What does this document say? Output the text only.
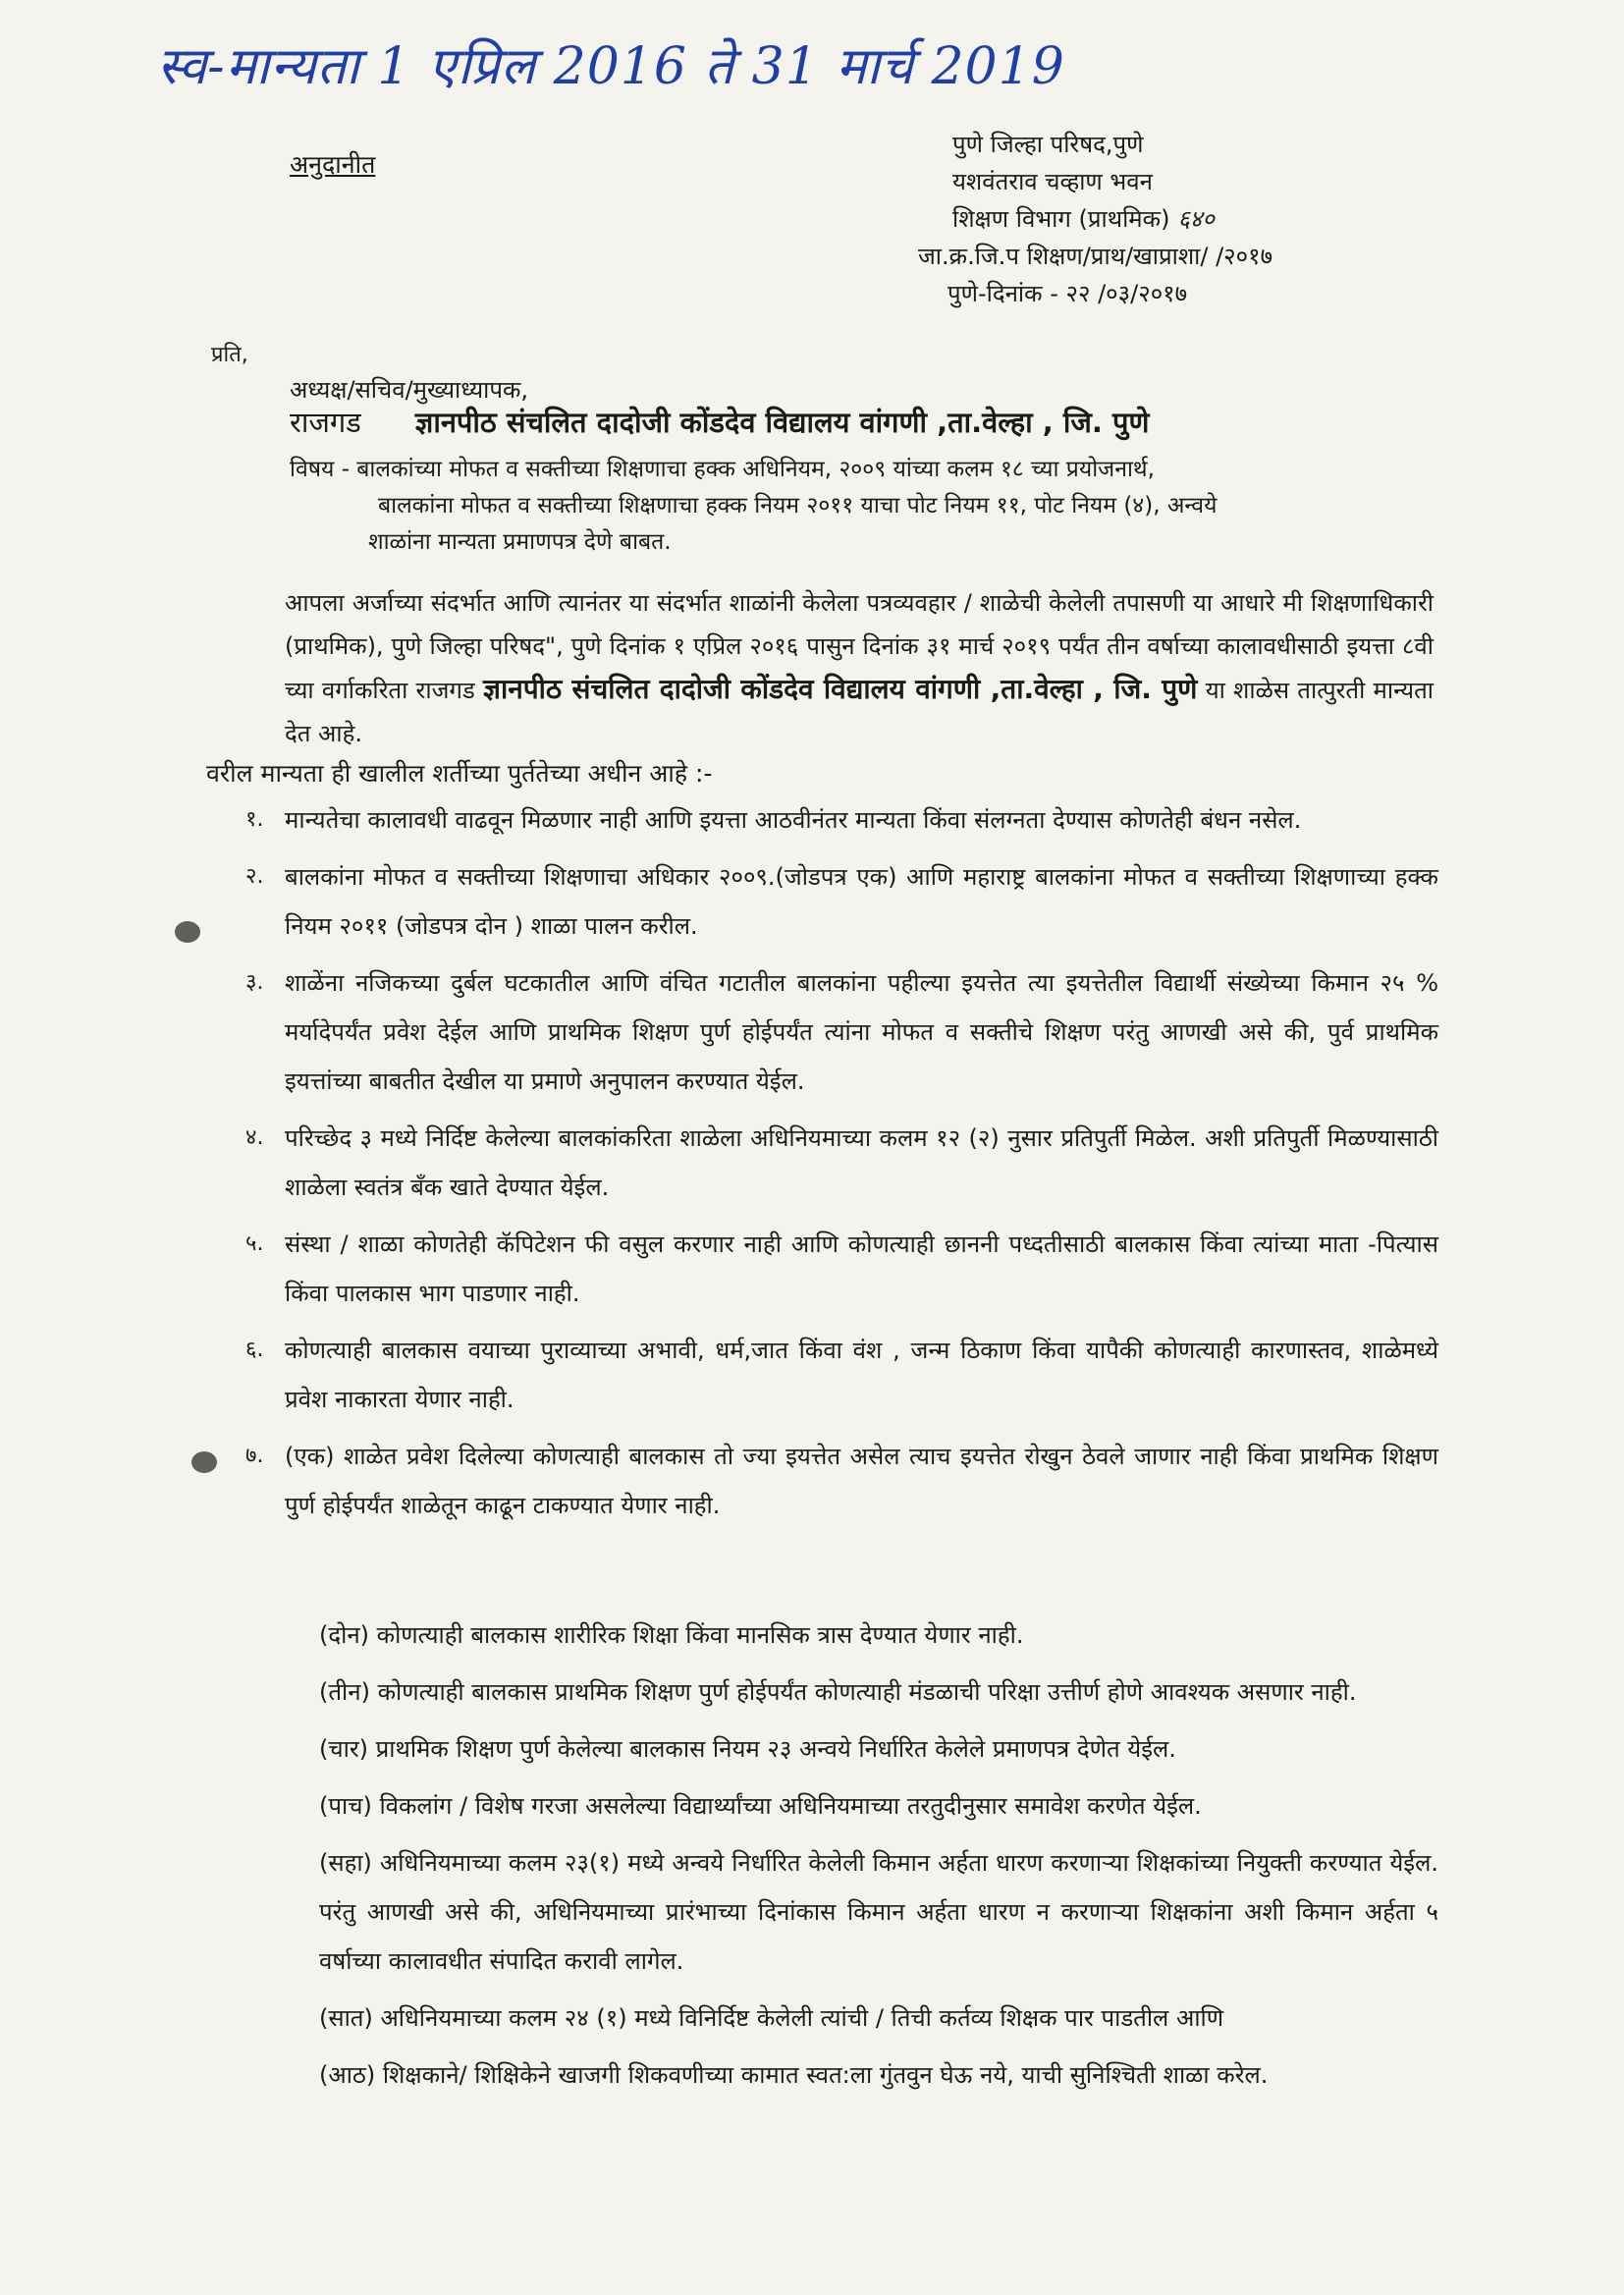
स्व-मान्यता 1 एप्रिल 2016 ते 31 मार्च 2019
अनुदानीत
पुणे जिल्हा परिषद,पुणे
यशवंतराव चव्हाण भवन
शिक्षण विभाग (प्राथमिक) ६४०
जा.क्र.जि.प शिक्षण/प्राथ/खाप्राशा/ /२०१७
पुणे-दिनांक - २२ /०३/२०१७
प्रति,
अध्यक्ष/सचिव/मुख्याध्यापक,
राजगड ज्ञानपीठ संचलित दादोजी कोंडदेव विद्यालय वांगणी ,ता.वेल्हा , जि. पुणे
विषय - बालकांच्या मोफत व सक्तीच्या शिक्षणाचा हक्क अधिनियम, २००९ यांच्या कलम १८ च्या प्रयोजनार्थ,
बालकांना मोफत व सक्तीच्या शिक्षणाचा हक्क नियम २०११ याचा पोट नियम ११, पोट नियम (४), अन्वये
शाळांना मान्यता प्रमाणपत्र देणे बाबत.
आपला अर्जाच्या संदर्भात आणि त्यानंतर या संदर्भात शाळांनी केलेला पत्रव्यवहार / शाळेची केलेली तपासणी या आधारे मी शिक्षणाधिकारी (प्राथमिक), पुणे जिल्हा परिषद", पुणे दिनांक १ एप्रिल २०१६ पासुन दिनांक ३१ मार्च २०१९ पर्यंत तीन वर्षाच्या कालावधीसाठी इयत्ता ८वी च्या वर्गाकरिता राजगड ज्ञानपीठ संचलित दादोजी कोंडदेव विद्यालय वांगणी ,ता.वेल्हा , जि. पुणे या शाळेस तात्पुरती मान्यता देत आहे.
वरील मान्यता ही खालील शर्तीच्या पुर्ततेच्या अधीन आहे :-
१. मान्यतेचा कालावधी वाढवून मिळणार नाही आणि इयत्ता आठवीनंतर मान्यता किंवा संलग्नता देण्यास कोणतेही बंधन नसेल.
२. बालकांना मोफत व सक्तीच्या शिक्षणाचा अधिकार २००९.(जोडपत्र एक) आणि महाराष्ट्र बालकांना मोफत व सक्तीच्या शिक्षणाच्या हक्क नियम २०११ (जोडपत्र दोन ) शाळा पालन करील.
३. शाळेंना नजिकच्या दुर्बल घटकातील आणि वंचित गटातील बालकांना पहील्या इयत्तेत त्या इयत्तेतील विद्यार्थी संख्येच्या किमान २५ % मर्यादेपर्यंत प्रवेश देईल आणि प्राथमिक शिक्षण पुर्ण होईपर्यंत त्यांना मोफत व सक्तीचे शिक्षण परंतु आणखी असे की, पुर्व प्राथमिक इयत्तांच्या बाबतीत देखील या प्रमाणे अनुपालन करण्यात येईल.
४. परिच्छेद ३ मध्ये निर्दिष्ट केलेल्या बालकांकरिता शाळेला अधिनियमाच्या कलम १२ (२) नुसार प्रतिपुर्ती मिळेल. अशी प्रतिपुर्ती मिळण्यासाठी शाळेला स्वतंत्र बँक खाते देण्यात येईल.
५. संस्था / शाळा कोणतेही कॅपिटेशन फी वसुल करणार नाही आणि कोणत्याही छाननी पध्दतीसाठी बालकास किंवा त्यांच्या माता -पित्यास किंवा पालकास भाग पाडणार नाही.
६. कोणत्याही बालकास वयाच्या पुराव्याच्या अभावी, धर्म,जात किंवा वंश , जन्म ठिकाण किंवा यापैकी कोणत्याही कारणास्तव, शाळेमध्ये प्रवेश नाकारता येणार नाही.
७. (एक) शाळेत प्रवेश दिलेल्या कोणत्याही बालकास तो ज्या इयत्तेत असेल त्याच इयत्तेत रोखुन ठेवले जाणार नाही किंवा प्राथमिक शिक्षण पुर्ण होईपर्यंत शाळेतून काढून टाकण्यात येणार नाही.
(दोन) कोणत्याही बालकास शारीरिक शिक्षा किंवा मानसिक त्रास देण्यात येणार नाही.
(तीन) कोणत्याही बालकास प्राथमिक शिक्षण पुर्ण होईपर्यंत कोणत्याही मंडळाची परिक्षा उत्तीर्ण होणे आवश्यक असणार नाही.
(चार) प्राथमिक शिक्षण पुर्ण केलेल्या बालकास नियम २३ अन्वये निर्धारित केलेले प्रमाणपत्र देणेत येईल.
(पाच) विकलांग / विशेष गरजा असलेल्या विद्यार्थ्यांच्या अधिनियमाच्या तरतुदीनुसार समावेश करणेत येईल.
(सहा) अधिनियमाच्या कलम २३(१) मध्ये अन्वये निर्धारित केलेली किमान अर्हता धारण करणाऱ्या शिक्षकांच्या नियुक्ती करण्यात येईल. परंतु आणखी असे की, अधिनियमाच्या प्रारंभाच्या दिनांकास किमान अर्हता धारण न करणाऱ्या शिक्षकांना अशी किमान अर्हता ५ वर्षाच्या कालावधीत संपादित करावी लागेल.
(सात) अधिनियमाच्या कलम २४ (१) मध्ये विनिर्दिष्ट केलेली त्यांची / तिची कर्तव्य शिक्षक पार पाडतील आणि
(आठ) शिक्षकाने/ शिक्षिकेने खाजगी शिकवणीच्या कामात स्वत:ला गुंतवुन घेऊ नये, याची सुनिश्चिती शाळा करेल.
